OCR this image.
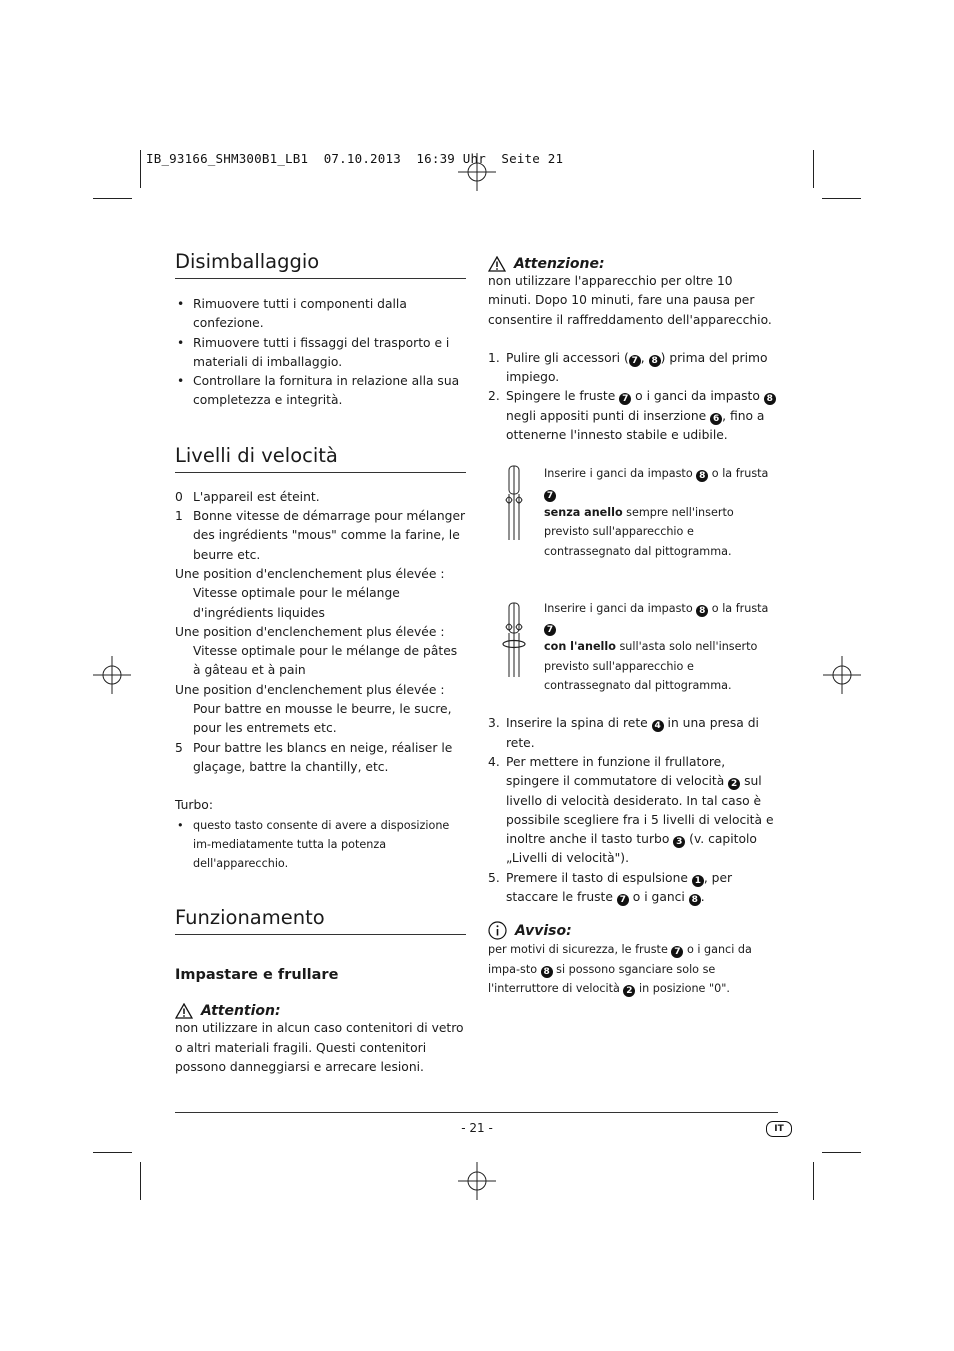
IB_93166_SHM300B1_LB1  07.10.2013  16:39 Uhr  Seite 21
Disimballaggio
• Rimuovere tutti i componenti dalla confezione.
• Rimuovere tutti i fissaggi del trasporto e i materiali di imballaggio.
• Controllare la fornitura in relazione alla sua completezza e integrità.
Livelli di velocità
0 L'appareil est éteint.
1 Bonne vitesse de démarrage pour mélanger des ingrédients "mous" comme la farine, le beurre etc.
Une position d'enclenchement plus élevée :
Vitesse optimale pour le mélange d'ingrédients liquides
Une position d'enclenchement plus élevée :
Vitesse optimale pour le mélange de pâtes à gâteau et à pain
Une position d'enclenchement plus élevée :
Pour battre en mousse le beurre, le sucre, pour les entremets etc.
5 Pour battre les blancs en neige, réaliser le glaçage, battre la chantilly, etc.
Turbo:
• questo tasto consente di avere a disposizione im-mediatamente tutta la potenza dell'apparecchio.
Funzionamento
Impastare e frullare
Attention:
non utilizzare in alcun caso contenitori di vetro o altri materiali fragili. Questi contenitori possono danneggiarsi e arrecare lesioni.
Attenzione:
non utilizzare l'apparecchio per oltre 10 minuti. Dopo 10 minuti, fare una pausa per consentire il raffreddamento dell'apparecchio.
1. Pulire gli accessori ( 7 , 8 ) prima del primo impiego.
2. Spingere le fruste 7 o i ganci da impasto 8 negli appositi punti di inserzione 6 , fino a ottenerne l'innesto stabile e udibile.
Inserire i ganci da impasto 8 o la frusta 7
senza anello sempre nell'inserto previsto sull'apparecchio e contrassegnato dal pittogramma.
Inserire i ganci da impasto 8 o la frusta 7
con l'anello sull'asta solo nell'inserto previsto sull'apparecchio e contrassegnato dal pittogramma.
3. Inserire la spina di rete 4 in una presa di rete.
4. Per mettere in funzione il frullatore, spingere il commutatore di velocità 2 sul livello di velocità desiderato. In tal caso è possibile scegliere fra i 5 livelli di velocità e inoltre anche il tasto turbo 3 (v. capitolo „Livelli di velocità").
5. Premere il tasto di espulsione 1 , per staccare le fruste 7 o i ganci 8 .
Avviso:
per motivi di sicurezza, le fruste 7 o i ganci da impa-sto 8 si possono sganciare solo se l'interruttore di velocità 2 in posizione "0".
- 21 -	IT
